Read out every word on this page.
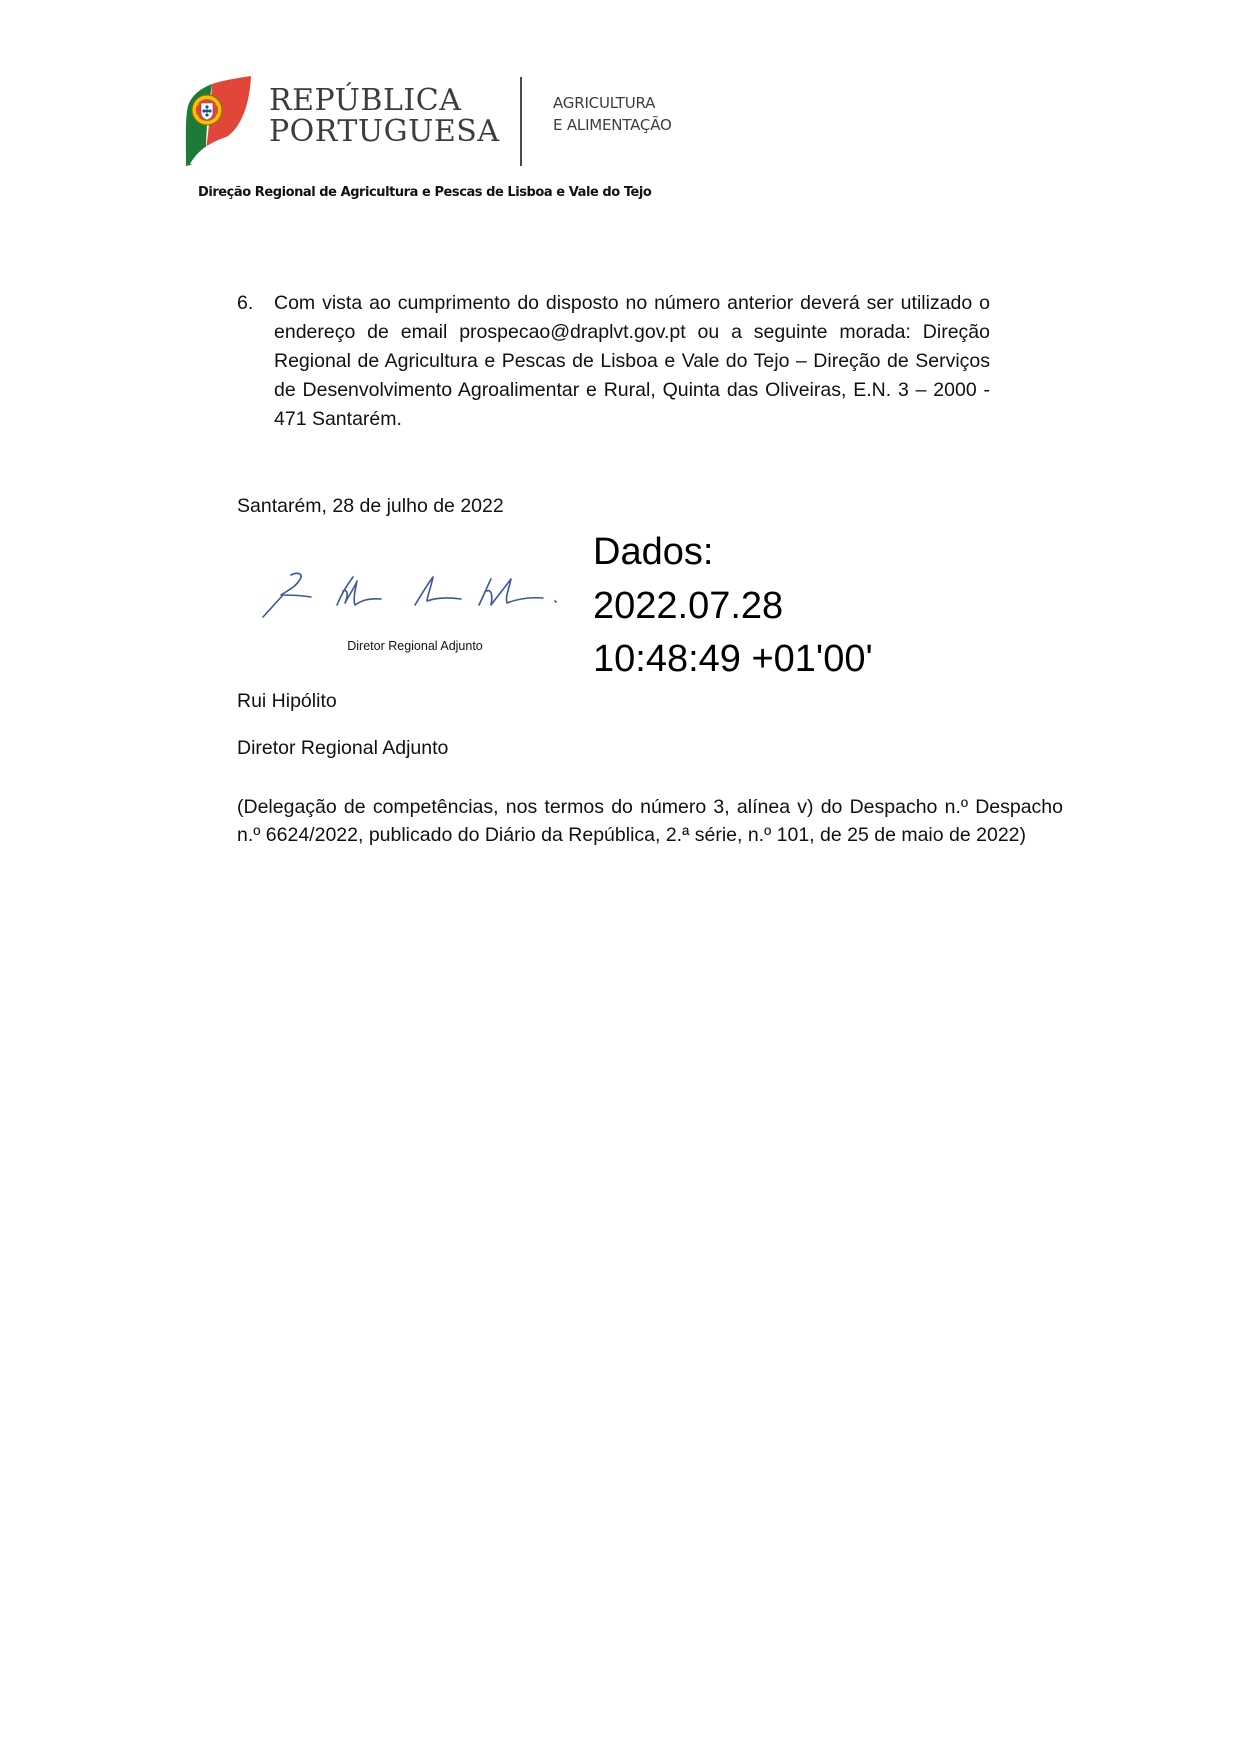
REPÚBLICA
PORTUGUESA
AGRICULTURA
E ALIMENTAÇÃO
Direção Regional de Agricultura e Pescas de Lisboa e Vale do Tejo
6. Com vista ao cumprimento do disposto no número anterior deverá ser utilizado o endereço de email prospecao@draplvt.gov.pt ou a seguinte morada: Direção Regional de Agricultura e Pescas de Lisboa e Vale do Tejo – Direção de Serviços de Desenvolvimento Agroalimentar e Rural, Quinta das Oliveiras, E.N. 3 – 2000 - 471 Santarém.
Santarém, 28 de julho de 2022
Diretor Regional Adjunto
Dados:
2022.07.28
10:48:49 +01'00'
Rui Hipólito
Diretor Regional Adjunto
(Delegação de competências, nos termos do número 3, alínea v) do Despacho n.º Despacho n.º 6624/2022, publicado do Diário da República, 2.ª série, n.º 101, de 25 de maio de 2022)
